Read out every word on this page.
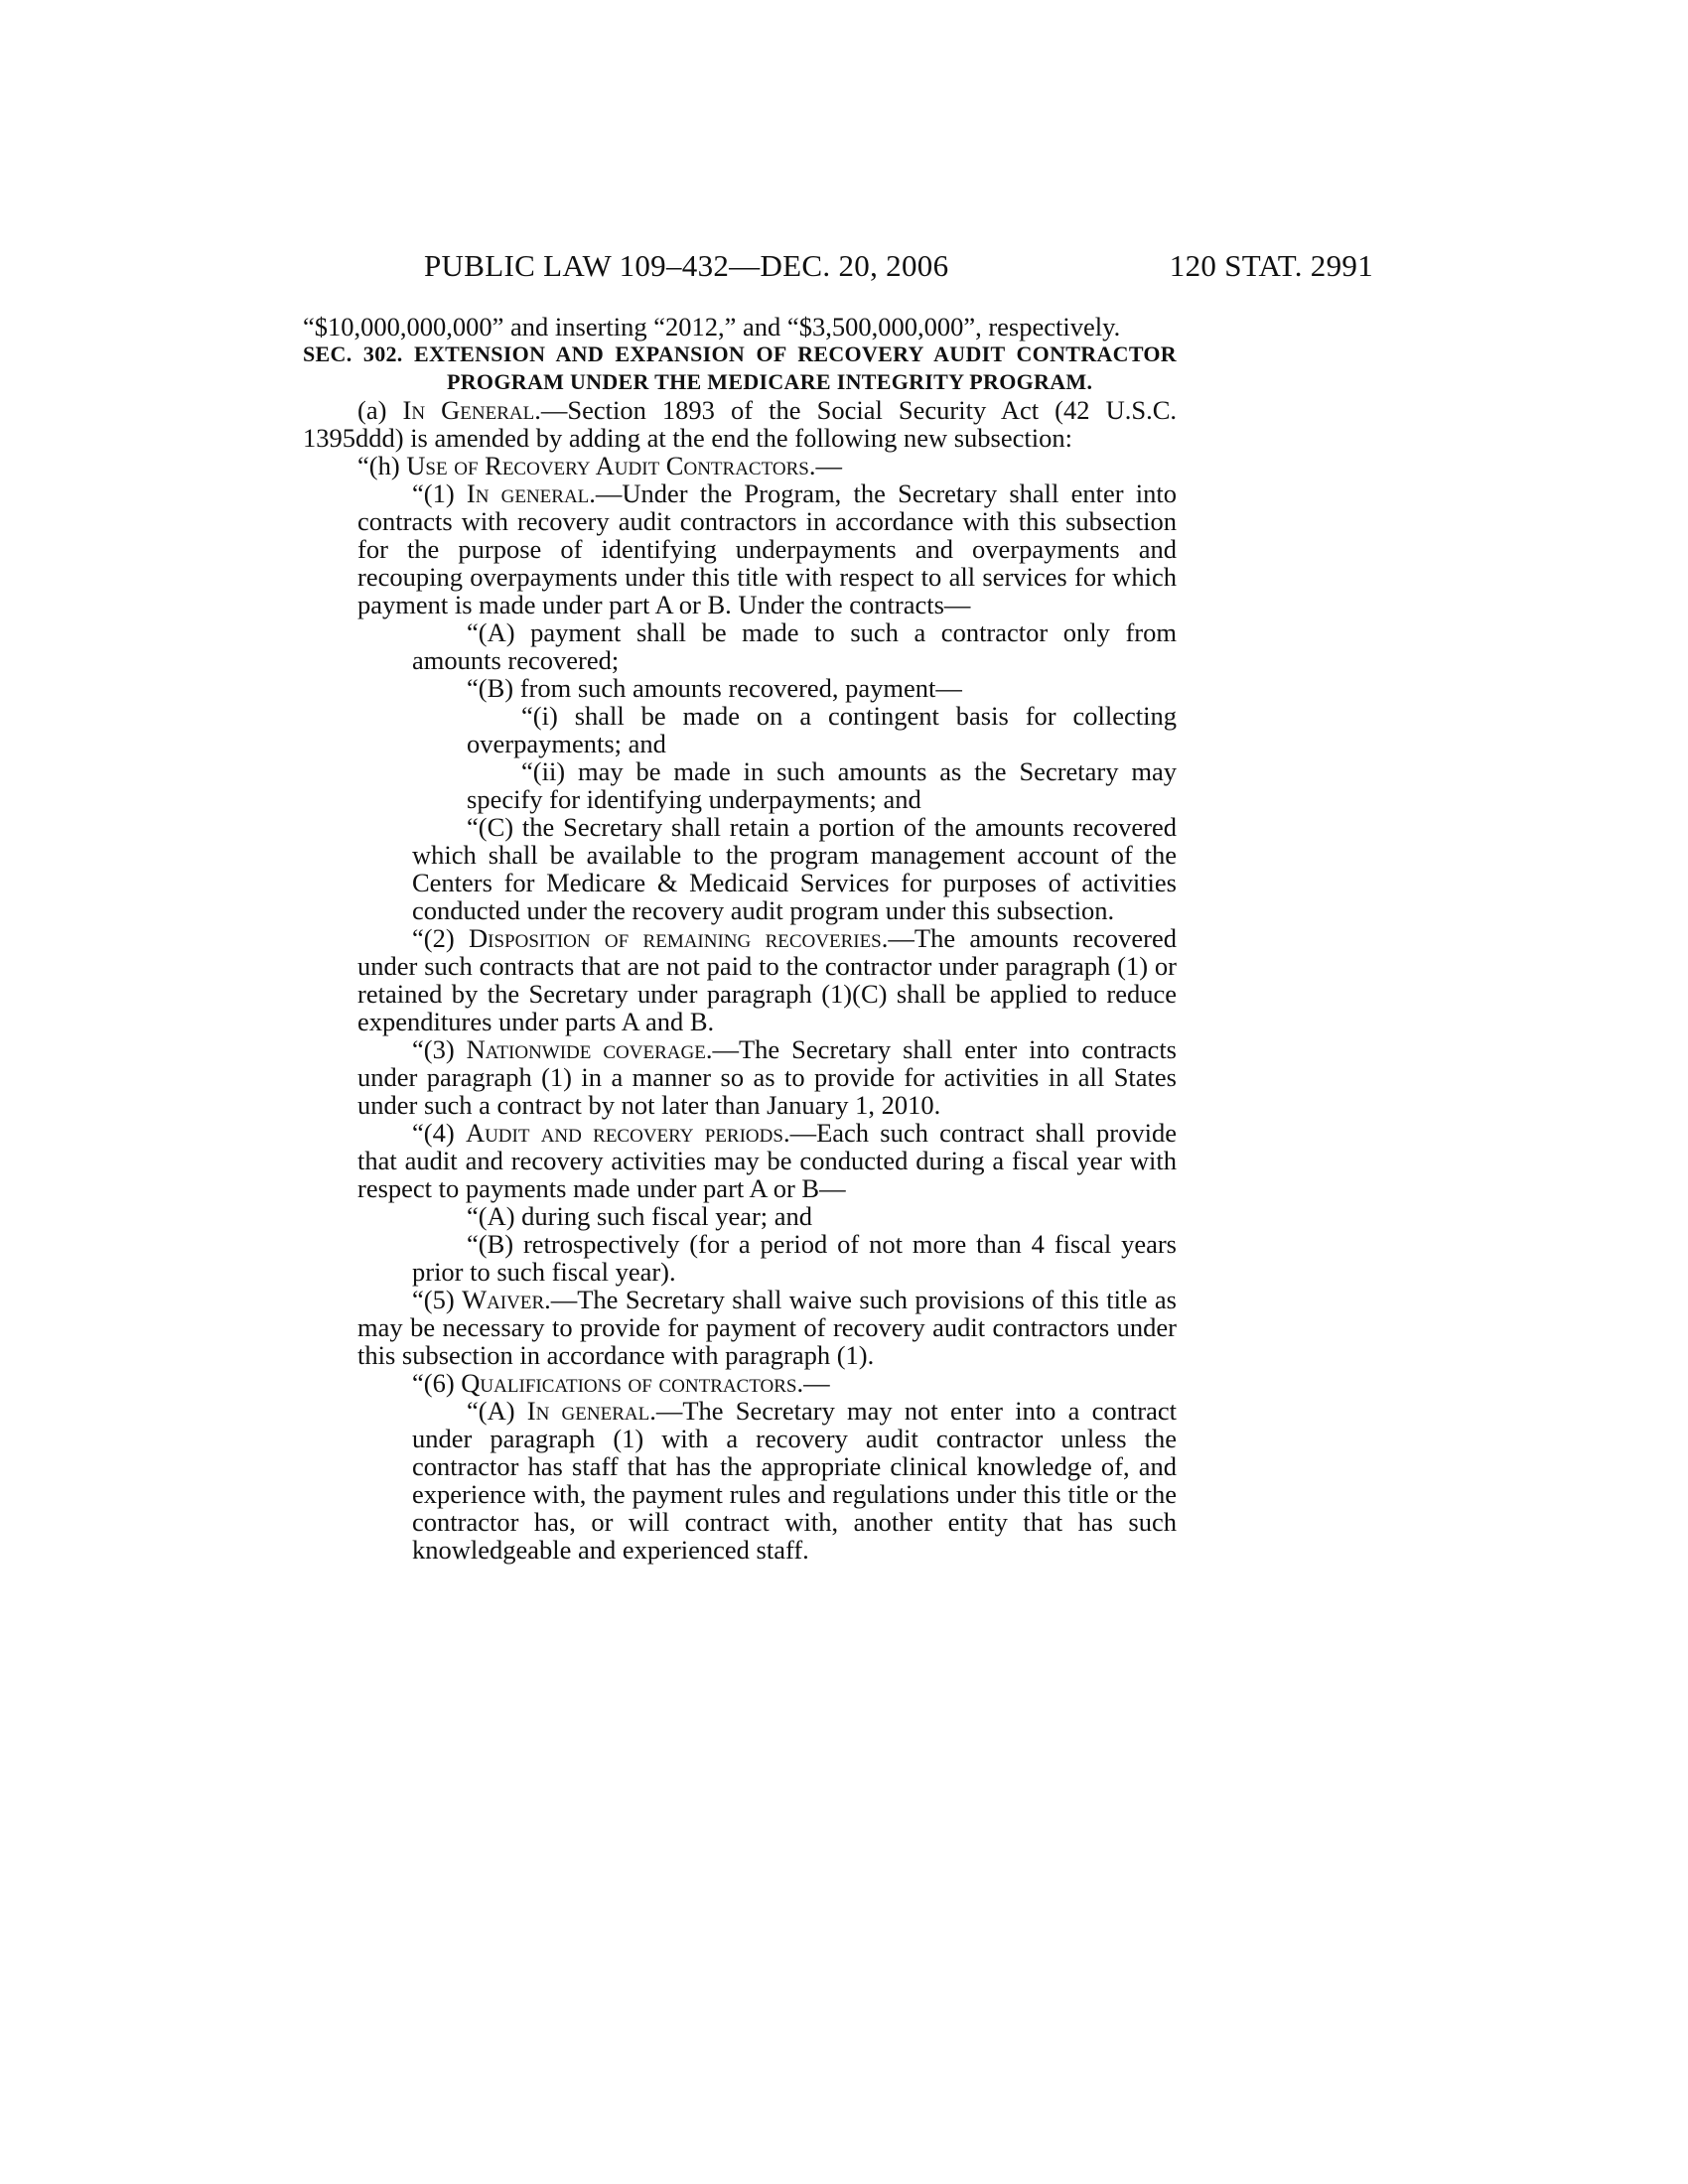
PUBLIC LAW 109–432—DEC. 20, 2006	120 STAT. 2991

“$10,000,000,000” and inserting “2012,” and “$3,500,000,000”, respectively.

SEC. 302. EXTENSION AND EXPANSION OF RECOVERY AUDIT CONTRACTOR PROGRAM UNDER THE MEDICARE INTEGRITY PROGRAM.

(a) In General.—Section 1893 of the Social Security Act (42 U.S.C. 1395ddd) is amended by adding at the end the following new subsection:

“(h) Use of Recovery Audit Contractors.—

“(1) In general.—Under the Program, the Secretary shall enter into contracts with recovery audit contractors in accordance with this subsection for the purpose of identifying underpayments and overpayments and recouping overpayments under this title with respect to all services for which payment is made under part A or B. Under the contracts—

“(A) payment shall be made to such a contractor only from amounts recovered;

“(B) from such amounts recovered, payment—

“(i) shall be made on a contingent basis for collecting overpayments; and

“(ii) may be made in such amounts as the Secretary may specify for identifying underpayments; and

“(C) the Secretary shall retain a portion of the amounts recovered which shall be available to the program management account of the Centers for Medicare & Medicaid Services for purposes of activities conducted under the recovery audit program under this subsection.

“(2) Disposition of remaining recoveries.—The amounts recovered under such contracts that are not paid to the contractor under paragraph (1) or retained by the Secretary under paragraph (1)(C) shall be applied to reduce expenditures under parts A and B.

“(3) Nationwide coverage.—The Secretary shall enter into contracts under paragraph (1) in a manner so as to provide for activities in all States under such a contract by not later than January 1, 2010.

“(4) Audit and recovery periods.—Each such contract shall provide that audit and recovery activities may be conducted during a fiscal year with respect to payments made under part A or B—

“(A) during such fiscal year; and

“(B) retrospectively (for a period of not more than 4 fiscal years prior to such fiscal year).

“(5) Waiver.—The Secretary shall waive such provisions of this title as may be necessary to provide for payment of recovery audit contractors under this subsection in accordance with paragraph (1).

“(6) Qualifications of contractors.—

“(A) In general.—The Secretary may not enter into a contract under paragraph (1) with a recovery audit contractor unless the contractor has staff that has the appropriate clinical knowledge of, and experience with, the payment rules and regulations under this title or the contractor has, or will contract with, another entity that has such knowledgeable and experienced staff.
